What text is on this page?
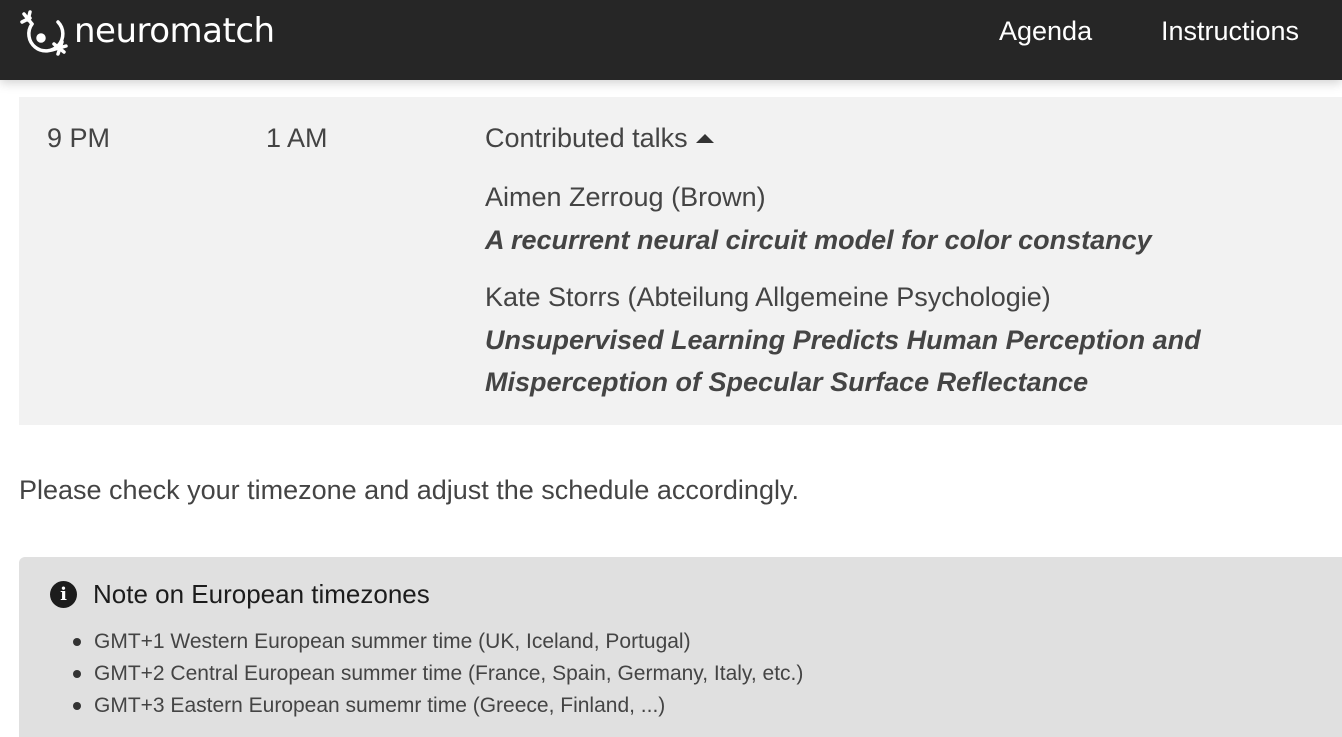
neuromatch	Agenda	Instructions
9 PM	1 AM	Contributed talks
Aimen Zerroug (Brown)
A recurrent neural circuit model for color constancy
Kate Storrs (Abteilung Allgemeine Psychologie)
Unsupervised Learning Predicts Human Perception and Misperception of Specular Surface Reflectance

Please check your timezone and adjust the schedule accordingly.

i	Note on European timezones
GMT+1 Western European summer time (UK, Iceland, Portugal)
GMT+2 Central European summer time (France, Spain, Germany, Italy, etc.)
GMT+3 Eastern European sumemr time (Greece, Finland, ...)
